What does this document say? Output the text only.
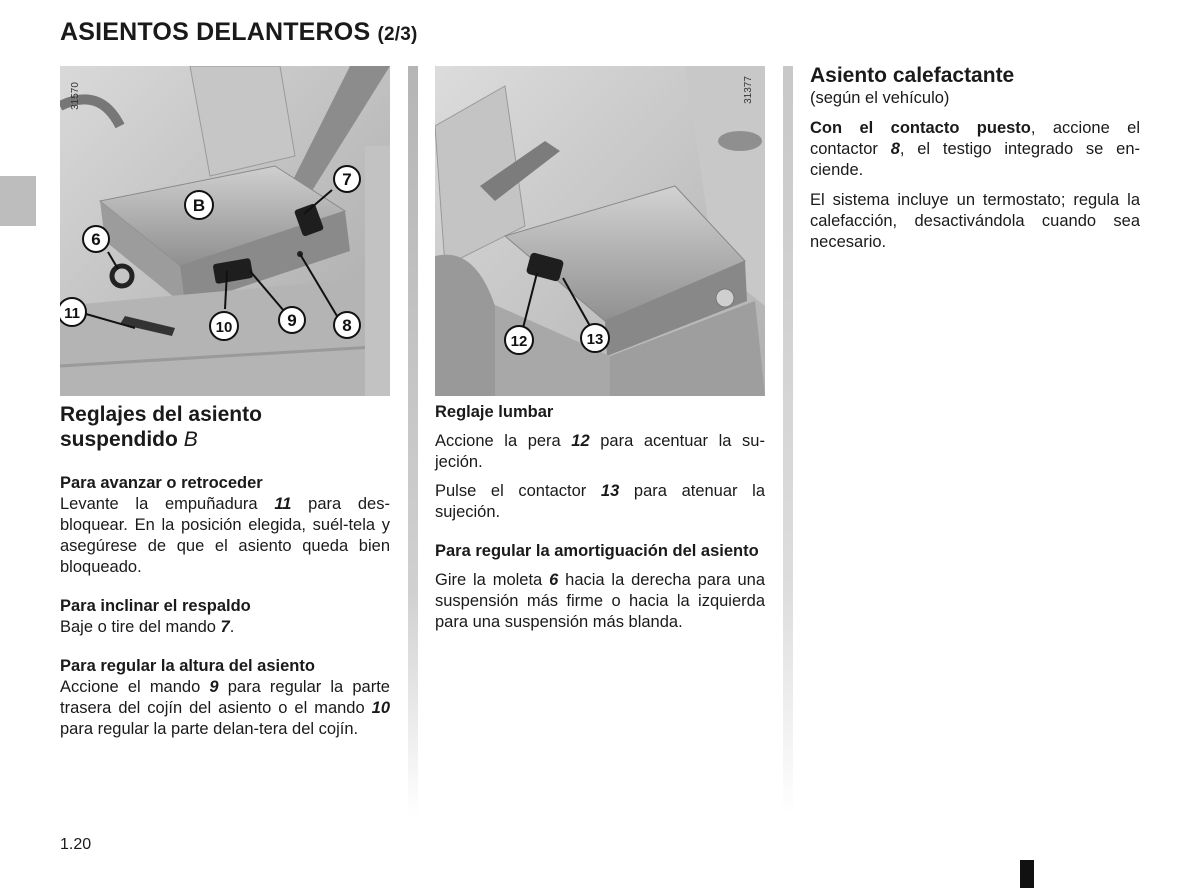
ASIENTOS DELANTEROS (2/3)
B
6
7
8
9
10
11
31570
12	13
31377
Reglajes del asiento
suspendido B

Para avanzar o retroceder

Levante la empuñadura 11 para des-bloquear. En la posición elegida, suél-tela y asegúrese de que el asiento queda bien bloqueado.

Para inclinar el respaldo

Baje o tire del mando 7.

Para regular la altura del asiento

Accione el mando 9 para regular la parte trasera del cojín del asiento o el mando 10 para regular la parte delan-tera del cojín.

Reglaje lumbar

Accione la pera 12 para acentuar la su-jeción.

Pulse el contactor 13 para atenuar la sujeción.

Para regular la amortiguación del asiento

Gire la moleta 6 hacia la derecha para una suspensión más firme o hacia la izquierda para una suspensión más blanda.

Asiento calefactante

(según el vehículo)

Con el contacto puesto, accione el contactor 8, el testigo integrado se en-ciende.

El sistema incluye un termostato; regula la calefacción, desactivándola cuando sea necesario.

1.20
